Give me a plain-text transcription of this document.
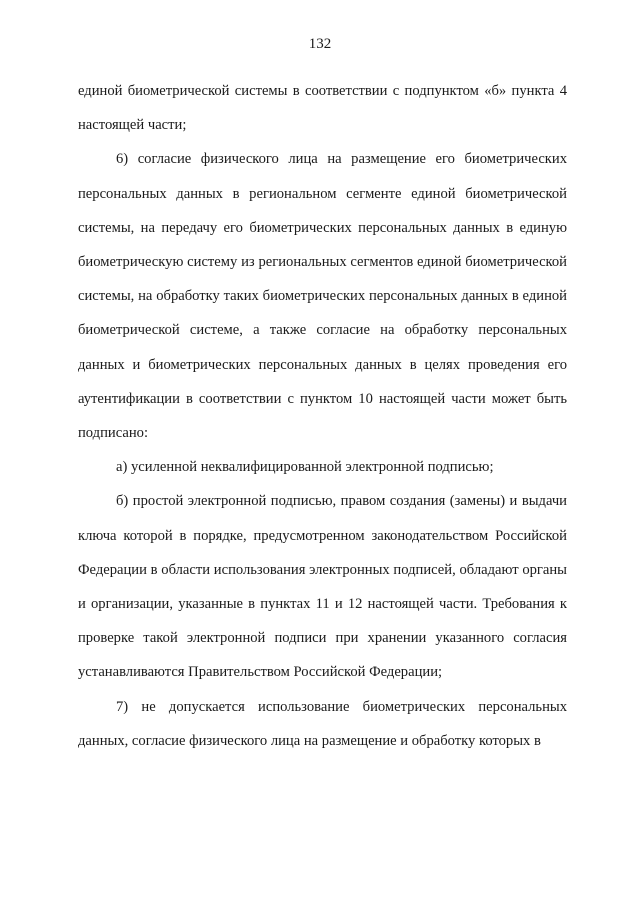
132

единой биометрической системы в соответствии с подпунктом «б» пункта 4 настоящей части;

6) согласие физического лица на размещение его биометрических персональных данных в региональном сегменте единой биометрической системы, на передачу его биометрических персональных данных в единую биометрическую систему из региональных сегментов единой биометрической системы, на обработку таких биометрических персональных данных в единой биометрической системе, а также согласие на обработку персональных данных и биометрических персональных данных в целях проведения его аутентификации в соответствии с пунктом 10 настоящей части может быть подписано:

а) усиленной неквалифицированной электронной подписью;

б) простой электронной подписью, правом создания (замены) и выдачи ключа которой в порядке, предусмотренном законодательством Российской Федерации в области использования электронных подписей, обладают органы и организации, указанные в пунктах 11 и 12 настоящей части. Требования к проверке такой электронной подписи при хранении указанного согласия устанавливаются Правительством Российской Федерации;

7) не допускается использование биометрических персональных данных, согласие физического лица на размещение и обработку которых в
